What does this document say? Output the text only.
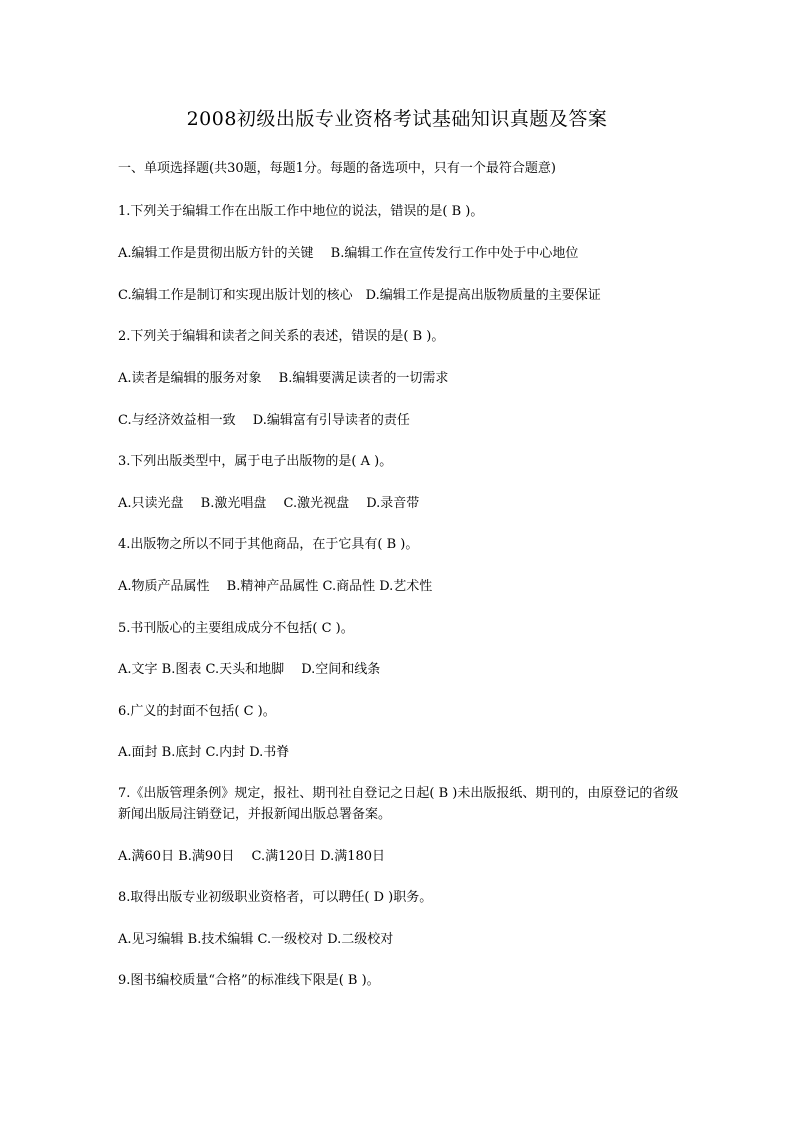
2008初级出版专业资格考试基础知识真题及答案
一、单项选择题(共30题，每题1分。每题的备选项中，只有一个最符合题意)
1.下列关于编辑工作在出版工作中地位的说法，错误的是( B )。
A.编辑工作是贯彻出版方针的关键　 B.编辑工作在宣传发行工作中处于中心地位
C.编辑工作是制订和实现出版计划的核心　D.编辑工作是提高出版物质量的主要保证
2.下列关于编辑和读者之间关系的表述，错误的是( B )。
A.读者是编辑的服务对象　 B.编辑要满足读者的一切需求
C.与经济效益相一致　 D.编辑富有引导读者的责任
3.下列出版类型中，属于电子出版物的是( A )。
A.只读光盘　 B.激光唱盘　 C.激光视盘　 D.录音带
4.出版物之所以不同于其他商品，在于它具有( B )。
A.物质产品属性　 B.精神产品属性 C.商品性 D.艺术性
5.书刊版心的主要组成成分不包括( C )。
A.文字 B.图表 C.天头和地脚　 D.空间和线条
6.广义的封面不包括( C )。
A.面封 B.底封 C.内封 D.书脊
7.《出版管理条例》规定，报社、期刊社自登记之日起( B )未出版报纸、期刊的，由原登记的省级新闻出版局注销登记，并报新闻出版总署备案。
A.满60日 B.满90日　 C.满120日 D.满180日
8.取得出版专业初级职业资格者，可以聘任( D )职务。
A.见习编辑 B.技术编辑 C.一级校对 D.二级校对
9.图书编校质量“合格”的标准线下限是( B )。
